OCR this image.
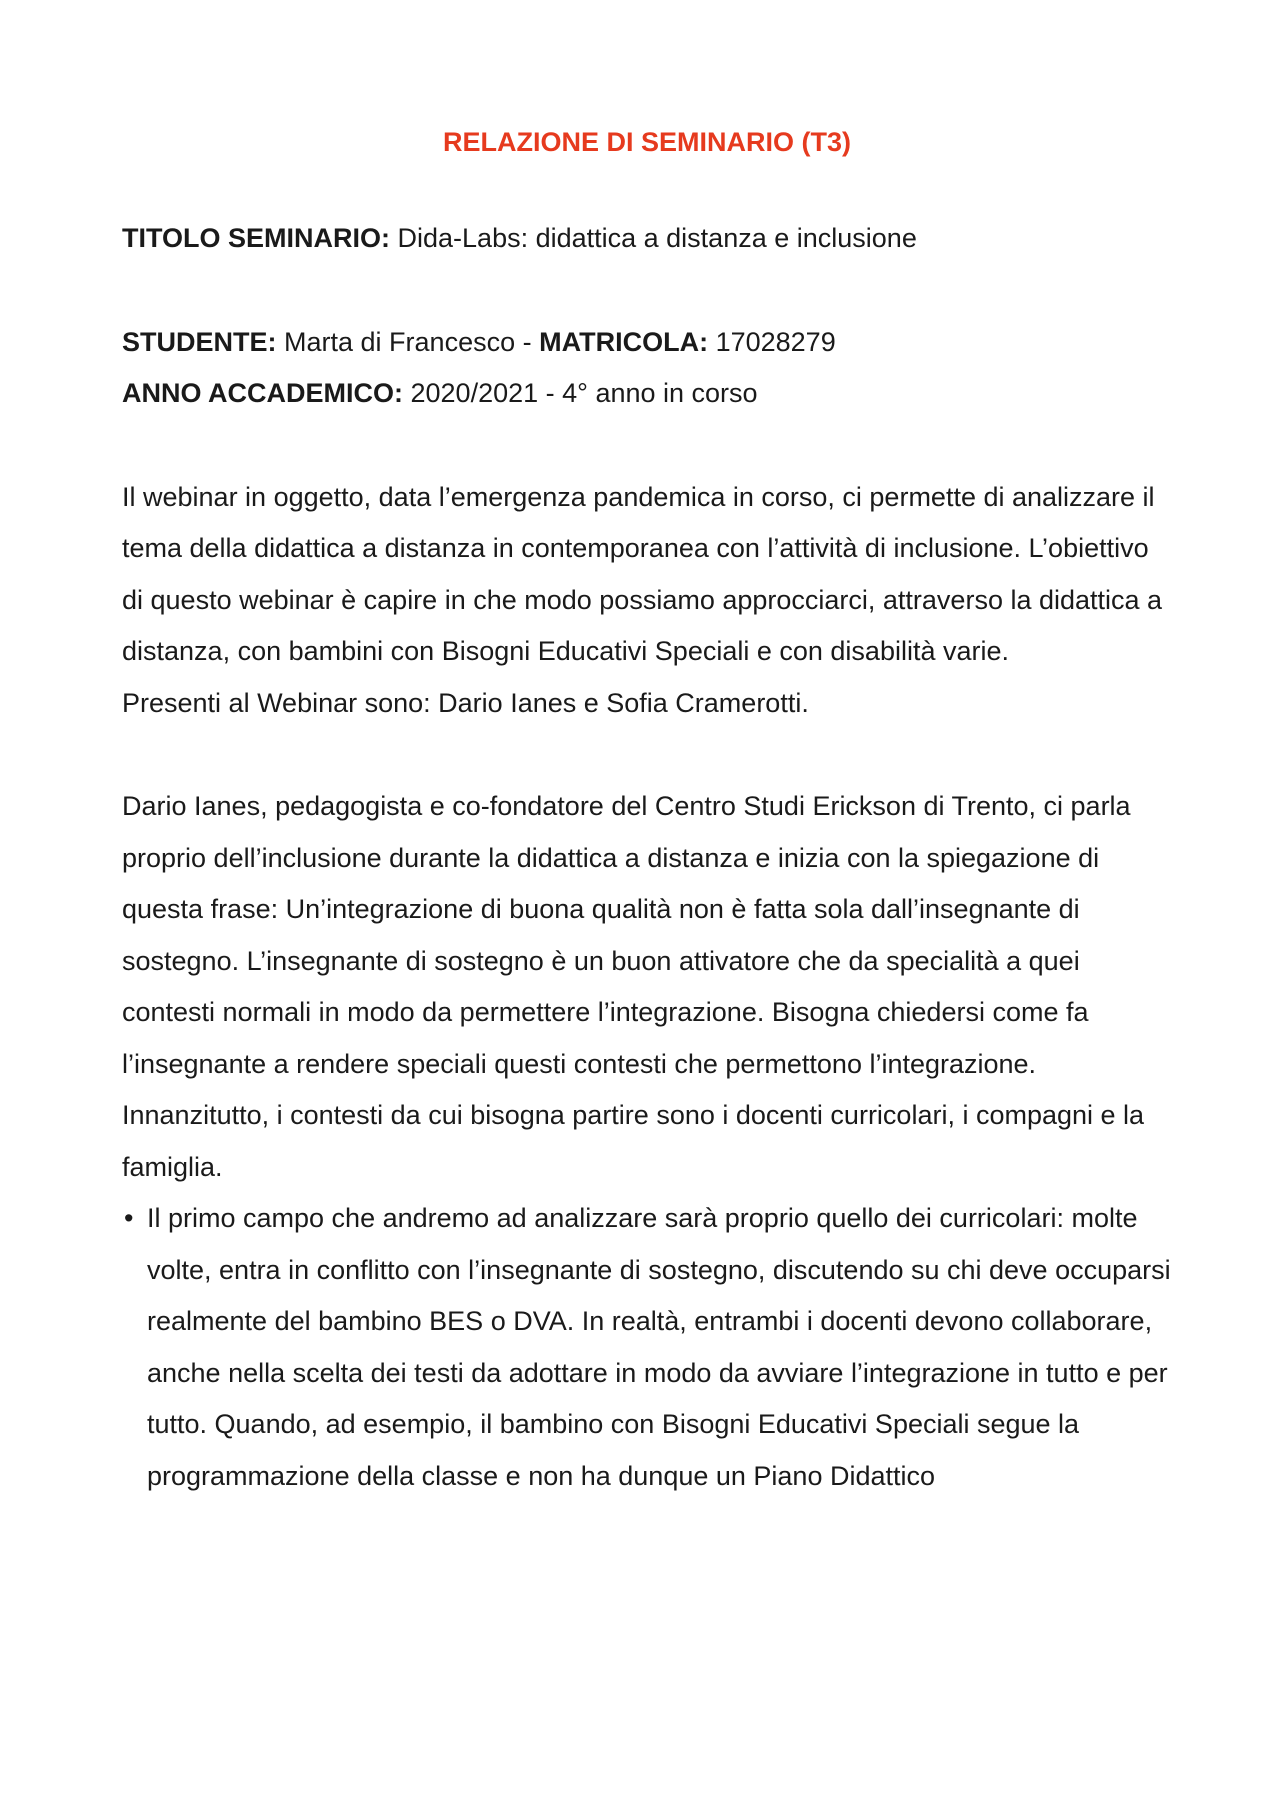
RELAZIONE DI SEMINARIO (T3)

TITOLO SEMINARIO: Dida-Labs: didattica a distanza e inclusione

STUDENTE: Marta di Francesco - MATRICOLA: 17028279

ANNO ACCADEMICO: 2020/2021 - 4° anno in corso

Il webinar in oggetto, data l’emergenza pandemica in corso, ci permette di analizzare il tema della didattica a distanza in contemporanea con l’attività di inclusione. L’obiettivo di questo webinar è capire in che modo possiamo approcciarci, attraverso la didattica a distanza, con bambini con Bisogni Educativi Speciali e con disabilità varie.

Presenti al Webinar sono: Dario Ianes e Sofia Cramerotti.

Dario Ianes, pedagogista e co-fondatore del Centro Studi Erickson di Trento, ci parla proprio dell’inclusione durante la didattica a distanza e inizia con la spiegazione di questa frase: Un’integrazione di buona qualità non è fatta sola dall’insegnante di sostegno. L’insegnante di sostegno è un buon attivatore che da specialità a quei contesti normali in modo da permettere l’integrazione. Bisogna chiedersi come fa l’insegnante a rendere speciali questi contesti che permettono l’integrazione.

Innanzitutto, i contesti da cui bisogna partire sono i docenti curricolari, i compagni e la famiglia.

• Il primo campo che andremo ad analizzare sarà proprio quello dei curricolari: molte volte, entra in conflitto con l’insegnante di sostegno, discutendo su chi deve occuparsi realmente del bambino BES o DVA. In realtà, entrambi i docenti devono collaborare, anche nella scelta dei testi da adottare in modo da avviare l’integrazione in tutto e per tutto. Quando, ad esempio, il bambino con Bisogni Educativi Speciali segue la programmazione della classe e non ha dunque un Piano Didattico
